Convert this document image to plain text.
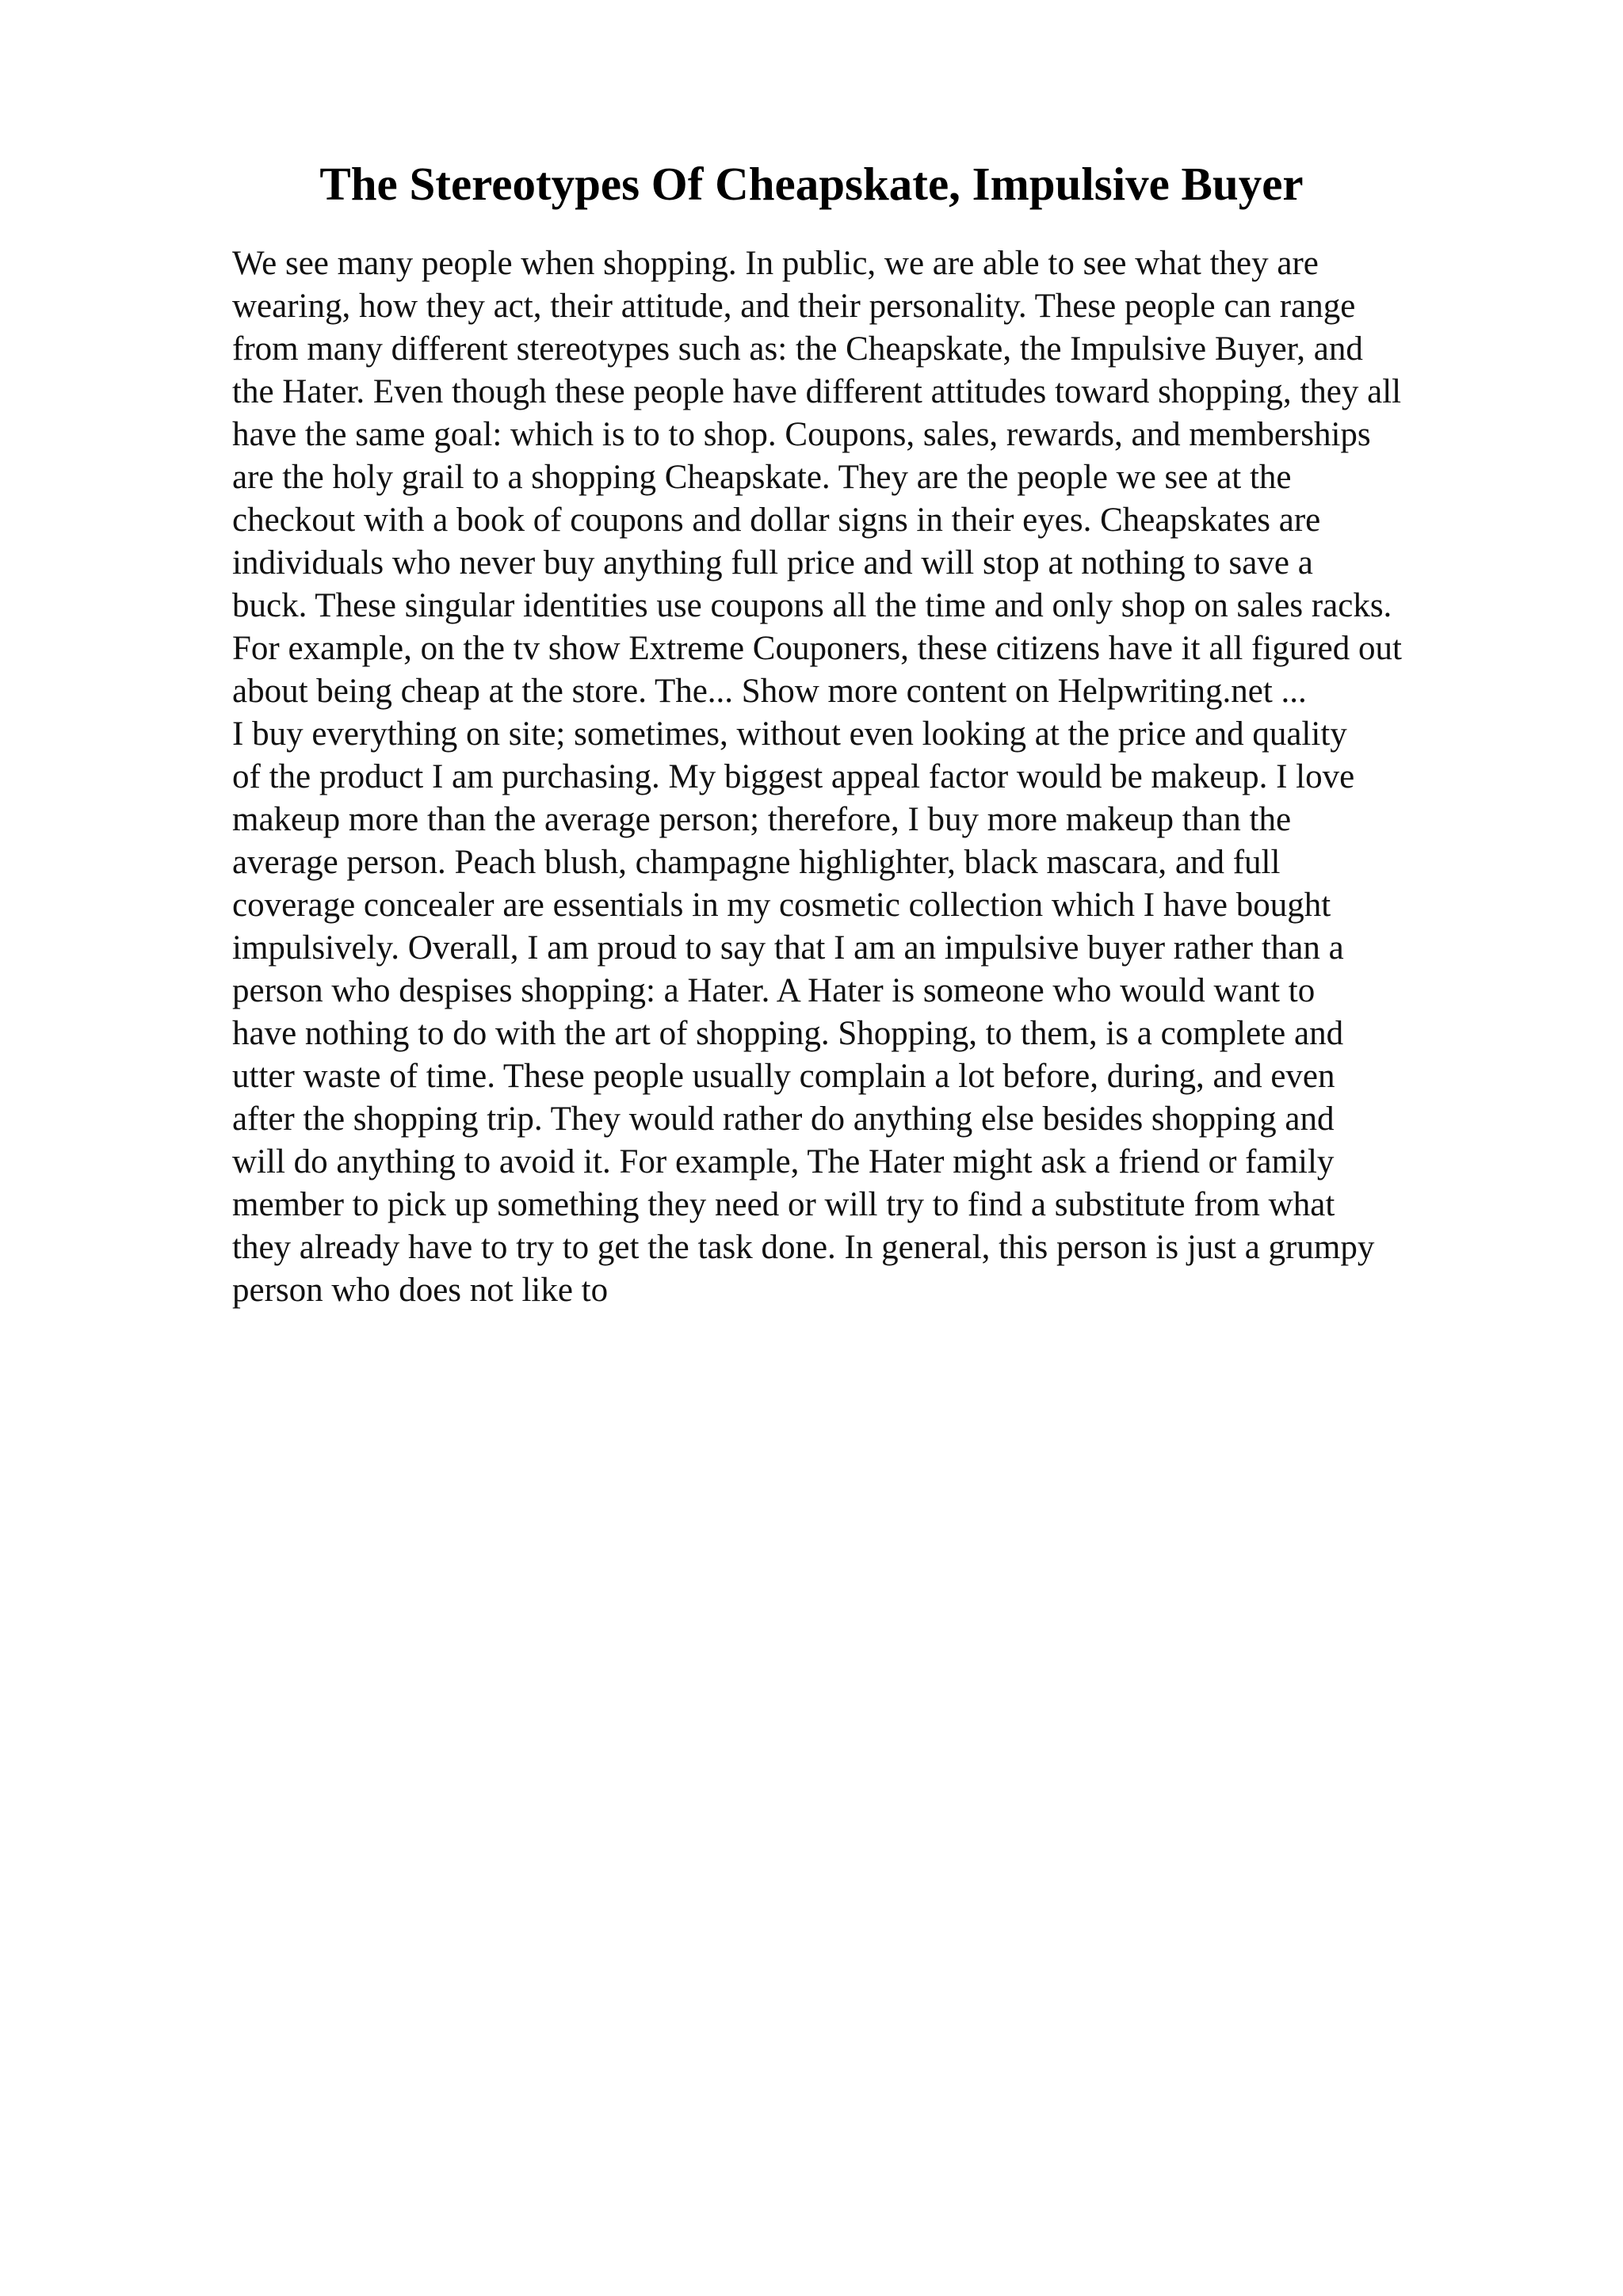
The Stereotypes Of Cheapskate, Impulsive Buyer
We see many people when shopping. In public, we are able to see what they are
wearing, how they act, their attitude, and their personality. These people can range
from many different stereotypes such as: the Cheapskate, the Impulsive Buyer, and
the Hater. Even though these people have different attitudes toward shopping, they all
have the same goal: which is to to shop. Coupons, sales, rewards, and memberships
are the holy grail to a shopping Cheapskate. They are the people we see at the
checkout with a book of coupons and dollar signs in their eyes. Cheapskates are
individuals who never buy anything full price and will stop at nothing to save a
buck. These singular identities use coupons all the time and only shop on sales racks.
For example, on the tv show Extreme Couponers, these citizens have it all figured out
about being cheap at the store. The... Show more content on Helpwriting.net ...
I buy everything on site; sometimes, without even looking at the price and quality
of the product I am purchasing. My biggest appeal factor would be makeup. I love
makeup more than the average person; therefore, I buy more makeup than the
average person. Peach blush, champagne highlighter, black mascara, and full
coverage concealer are essentials in my cosmetic collection which I have bought
impulsively. Overall, I am proud to say that I am an impulsive buyer rather than a
person who despises shopping: a Hater. A Hater is someone who would want to
have nothing to do with the art of shopping. Shopping, to them, is a complete and
utter waste of time. These people usually complain a lot before, during, and even
after the shopping trip. They would rather do anything else besides shopping and
will do anything to avoid it. For example, The Hater might ask a friend or family
member to pick up something they need or will try to find a substitute from what
they already have to try to get the task done. In general, this person is just a grumpy
person who does not like to
